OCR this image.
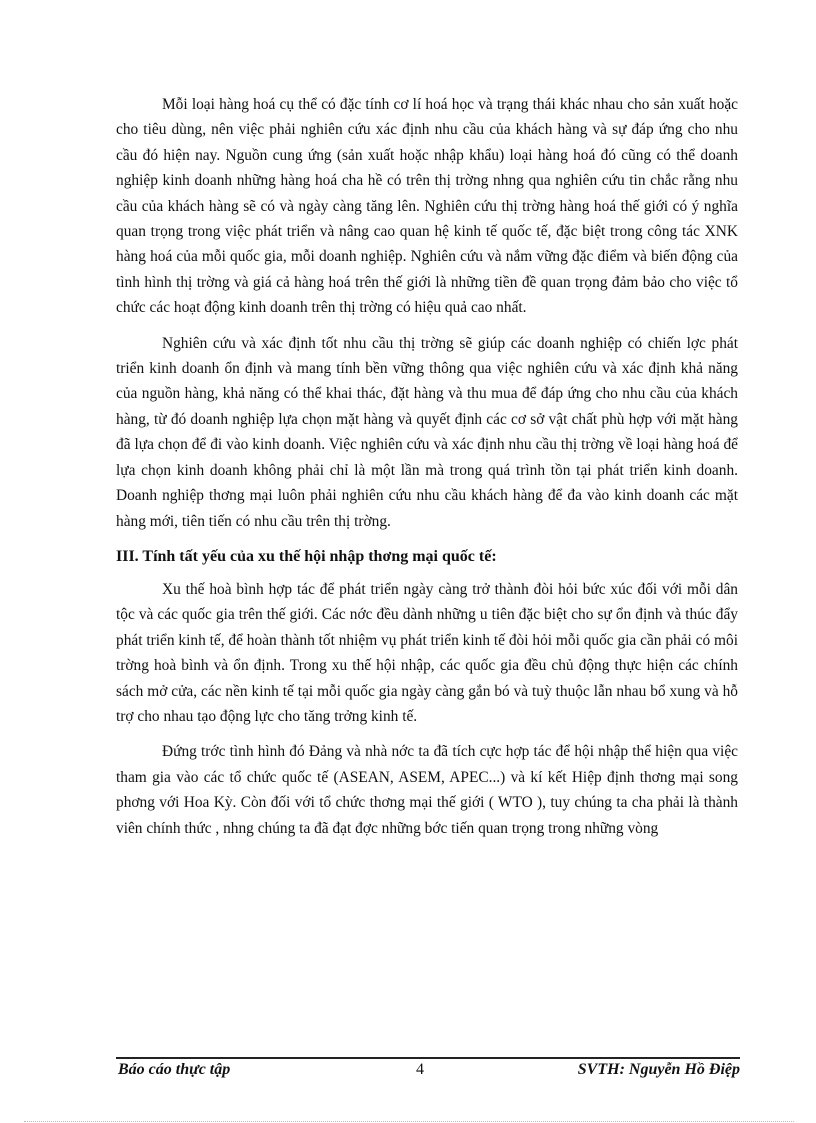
Mỗi loại hàng hoá cụ thể có đặc tính cơ lí hoá học và trạng thái khác nhau cho sản xuất hoặc cho tiêu dùng, nên việc phải nghiên cứu xác định nhu cầu của khách hàng và sự đáp ứng cho nhu cầu đó hiện nay. Nguồn cung ứng (sản xuất hoặc nhập khẩu) loại hàng hoá đó cũng có thể doanh nghiệp kinh doanh những hàng hoá cha hề có trên thị trờng nhng qua nghiên cứu tin chắc rằng nhu cầu của khách hàng sẽ có và ngày càng tăng lên. Nghiên cứu thị trờng hàng hoá thế giới có ý nghĩa quan trọng trong việc phát triển và nâng cao quan hệ kinh tế quốc tế, đặc biệt trong công tác XNK hàng hoá của mỗi quốc gia, mỗi doanh nghiệp. Nghiên cứu và nắm vững đặc điểm và biến động của tình hình thị trờng và giá cả hàng hoá trên thế giới là những tiền đề quan trọng đảm bảo cho việc tổ chức các hoạt động kinh doanh trên thị trờng có hiệu quả cao nhất.

Nghiên cứu và xác định tốt nhu cầu thị trờng sẽ giúp các doanh nghiệp có chiến lợc phát triển kinh doanh ổn định và mang tính bền vững thông qua việc nghiên cứu và xác định khả năng của nguồn hàng, khả năng có thể khai thác, đặt hàng và thu mua để đáp ứng cho nhu cầu của khách hàng, từ đó doanh nghiệp lựa chọn mặt hàng và quyết định các cơ sở vật chất phù hợp với mặt hàng đã lựa chọn để đi vào kinh doanh. Việc nghiên cứu và xác định nhu cầu thị trờng về loại hàng hoá để lựa chọn kinh doanh không phải chỉ là một lần mà trong quá trình tồn tại phát triển kinh doanh. Doanh nghiệp thơng mại luôn phải nghiên cứu nhu cầu khách hàng để đa vào kinh doanh các mặt hàng mới, tiên tiến có nhu cầu trên thị trờng.

III. Tính tất yếu của xu thế hội nhập thơng mại quốc tế:

Xu thế hoà bình hợp tác để phát triển ngày càng trở thành đòi hỏi bức xúc đối với mỗi dân tộc và các quốc gia trên thế giới. Các nớc đều dành những u tiên đặc biệt cho sự ổn định và thúc đẩy phát triển kinh tế, để hoàn thành tốt nhiệm vụ phát triển kinh tế đòi hỏi mỗi quốc gia cần phải có môi trờng hoà bình và ổn định. Trong xu thế hội nhập, các quốc gia đều chủ động thực hiện các chính sách mở cửa, các nền kinh tế tại mỗi quốc gia ngày càng gắn bó và tuỳ thuộc lẫn nhau bổ xung và hỗ trợ cho nhau tạo động lực cho tăng trởng kinh tế.

Đứng trớc tình hình đó Đảng và nhà nớc ta đã tích cực hợp tác để hội nhập thể hiện qua việc tham gia vào các tổ chức quốc tế (ASEAN, ASEM, APEC...) và kí kết Hiệp định thơng mại song phơng với Hoa Kỳ. Còn đối với tổ chức thơng mại thế giới ( WTO ), tuy chúng ta cha phải là thành viên chính thức , nhng chúng ta đã đạt đợc những bớc tiến quan trọng trong những vòng

Báo cáo thực tập	4	SVTH: Nguyễn Hồ Điệp
